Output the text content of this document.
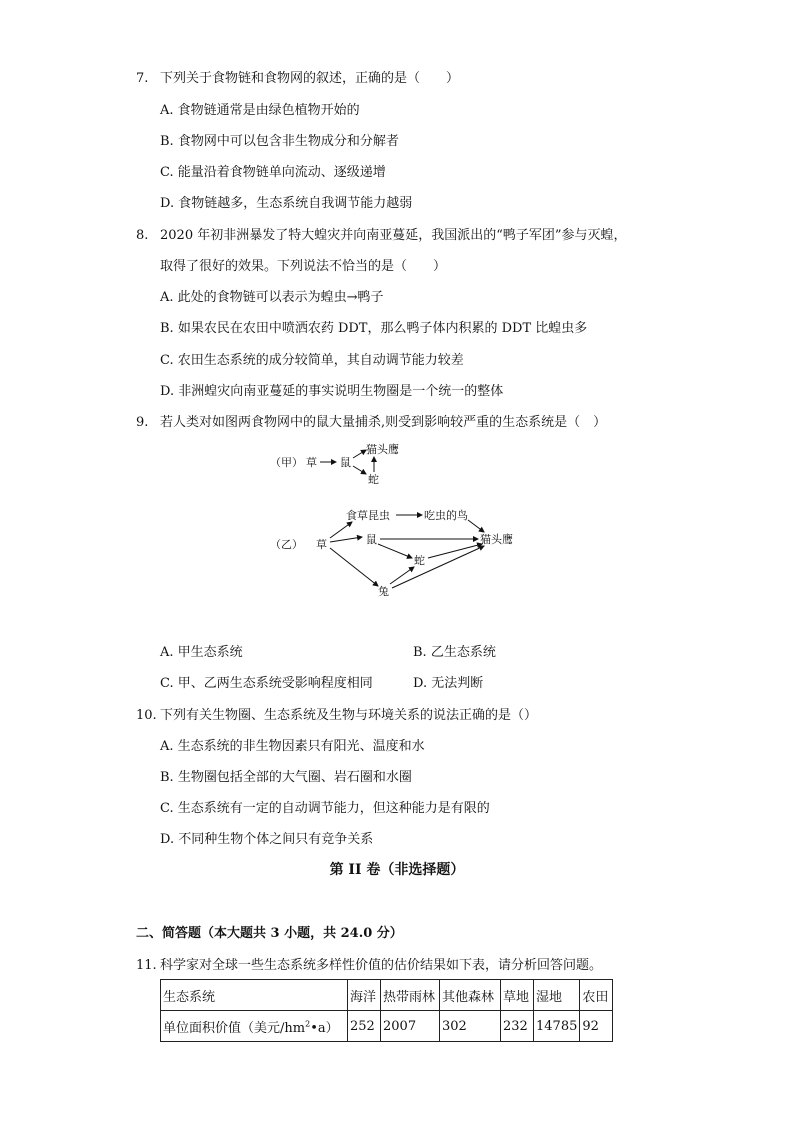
7. 下列关于食物链和食物网的叙述，正确的是（　　）
A. 食物链通常是由绿色植物开始的
B. 食物网中可以包含非生物成分和分解者
C. 能量沿着食物链单向流动、逐级递增
D. 食物链越多，生态系统自我调节能力越弱
8. 2020 年初非洲暴发了特大蝗灾并向南亚蔓延，我国派出的“鸭子军团”参与灭蝗，
取得了很好的效果。下列说法不恰当的是（　　）
A. 此处的食物链可以表示为蝗虫→鸭子
B. 如果农民在农田中喷洒农药 DDT，那么鸭子体内积累的 DDT 比蝗虫多
C. 农田生态系统的成分较简单，其自动调节能力较差
D. 非洲蝗灾向南亚蔓延的事实说明生物圈是一个统一的整体
9. 若人类对如图两食物网中的鼠大量捕杀,则受到影响较严重的生态系统是（　）
（甲） 草 鼠
猫头鹰
蛇
（乙） 草
食草昆虫	吃虫的鸟
鼠	猫头鹰
蛇
兔
A. 甲生态系统	B. 乙生态系统
C. 甲、乙两生态系统受影响程度相同	D. 无法判断
10. 下列有关生物圈、生态系统及生物与环境关系的说法正确的是（）
A. 生态系统的非生物因素只有阳光、温度和水
B. 生物圈包括全部的大气圈、岩石圈和水圈
C. 生态系统有一定的自动调节能力，但这种能力是有限的
D. 不同种生物个体之间只有竞争关系
第 II 卷（非选择题）
二、简答题（本大题共 3 小题，共 24.0 分）
11. 科学家对全球一些生态系统多样性价值的估价结果如下表，请分析回答问题。
生态系统	海洋	热带雨林	其他森林	草地	湿地	农田
单位面积价值（美元$/hm^2•a$）	252	2007	302	232	14785	92
